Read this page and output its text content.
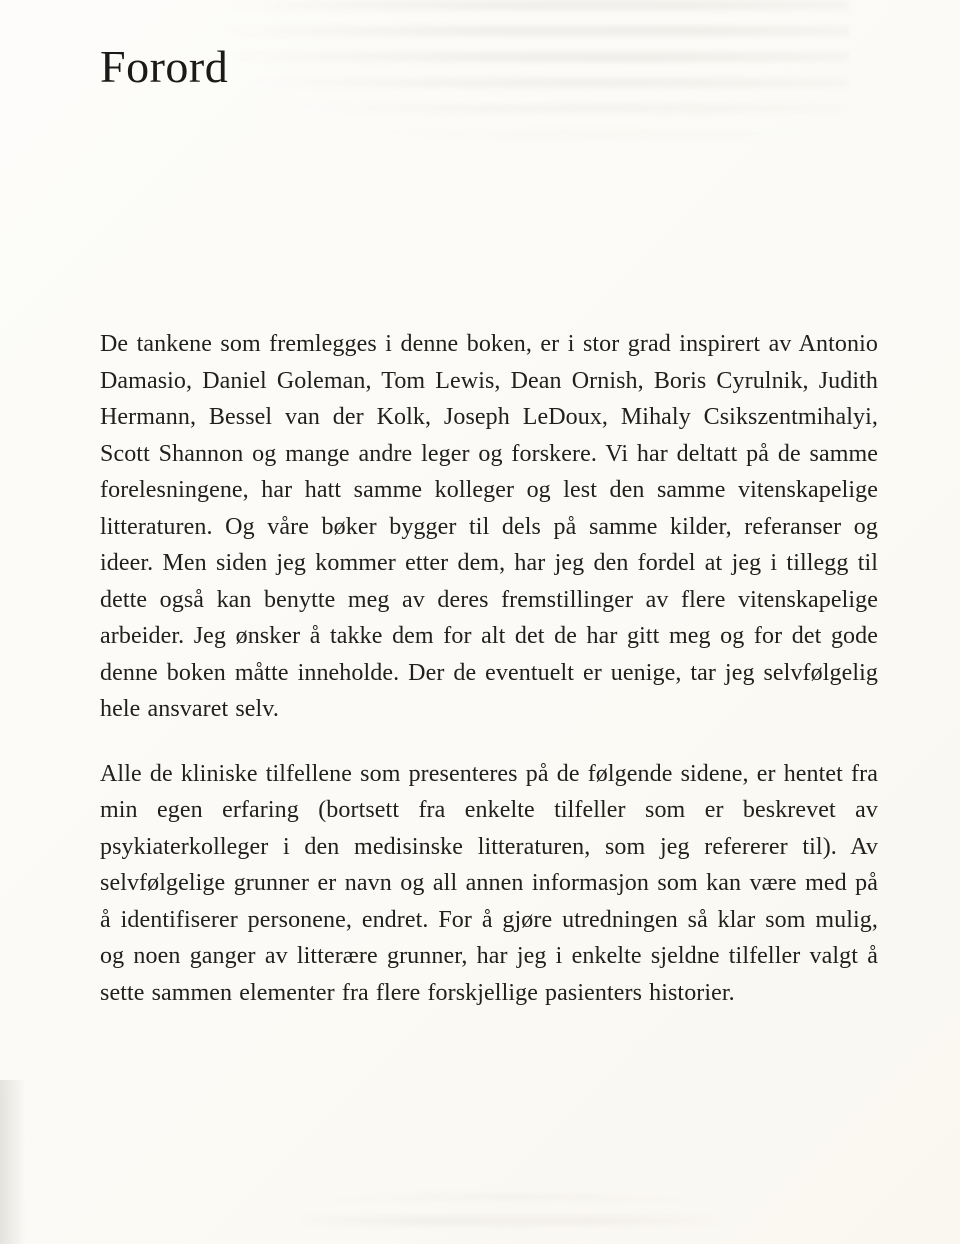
Forord

De tankene som fremlegges i denne boken, er i stor grad inspirert av Antonio Damasio, Daniel Goleman, Tom Lewis, Dean Ornish, Boris Cyrulnik, Judith Hermann, Bessel van der Kolk, Joseph LeDoux, Mihaly Csikszentmihalyi, Scott Shannon og mange andre leger og forskere. Vi har deltatt på de samme forelesningene, har hatt samme kolleger og lest den samme vitenskapelige litteraturen. Og våre bøker bygger til dels på samme kilder, referanser og ideer. Men siden jeg kommer etter dem, har jeg den fordel at jeg i tillegg til dette også kan benytte meg av deres fremstillinger av flere vitenskapelige arbeider. Jeg ønsker å takke dem for alt det de har gitt meg og for det gode denne boken måtte inneholde. Der de eventuelt er uenige, tar jeg selvfølgelig hele ansvaret selv.

Alle de kliniske tilfellene som presenteres på de følgende sidene, er hentet fra min egen erfaring (bortsett fra enkelte tilfeller som er beskrevet av psykiaterkolleger i den medisinske litteraturen, som jeg refererer til). Av selvfølgelige grunner er navn og all annen informasjon som kan være med på å identifiserer personene, endret. For å gjøre utredningen så klar som mulig, og noen ganger av litterære grunner, har jeg i enkelte sjeldne tilfeller valgt å sette sammen elementer fra flere forskjellige pasienters historier.
